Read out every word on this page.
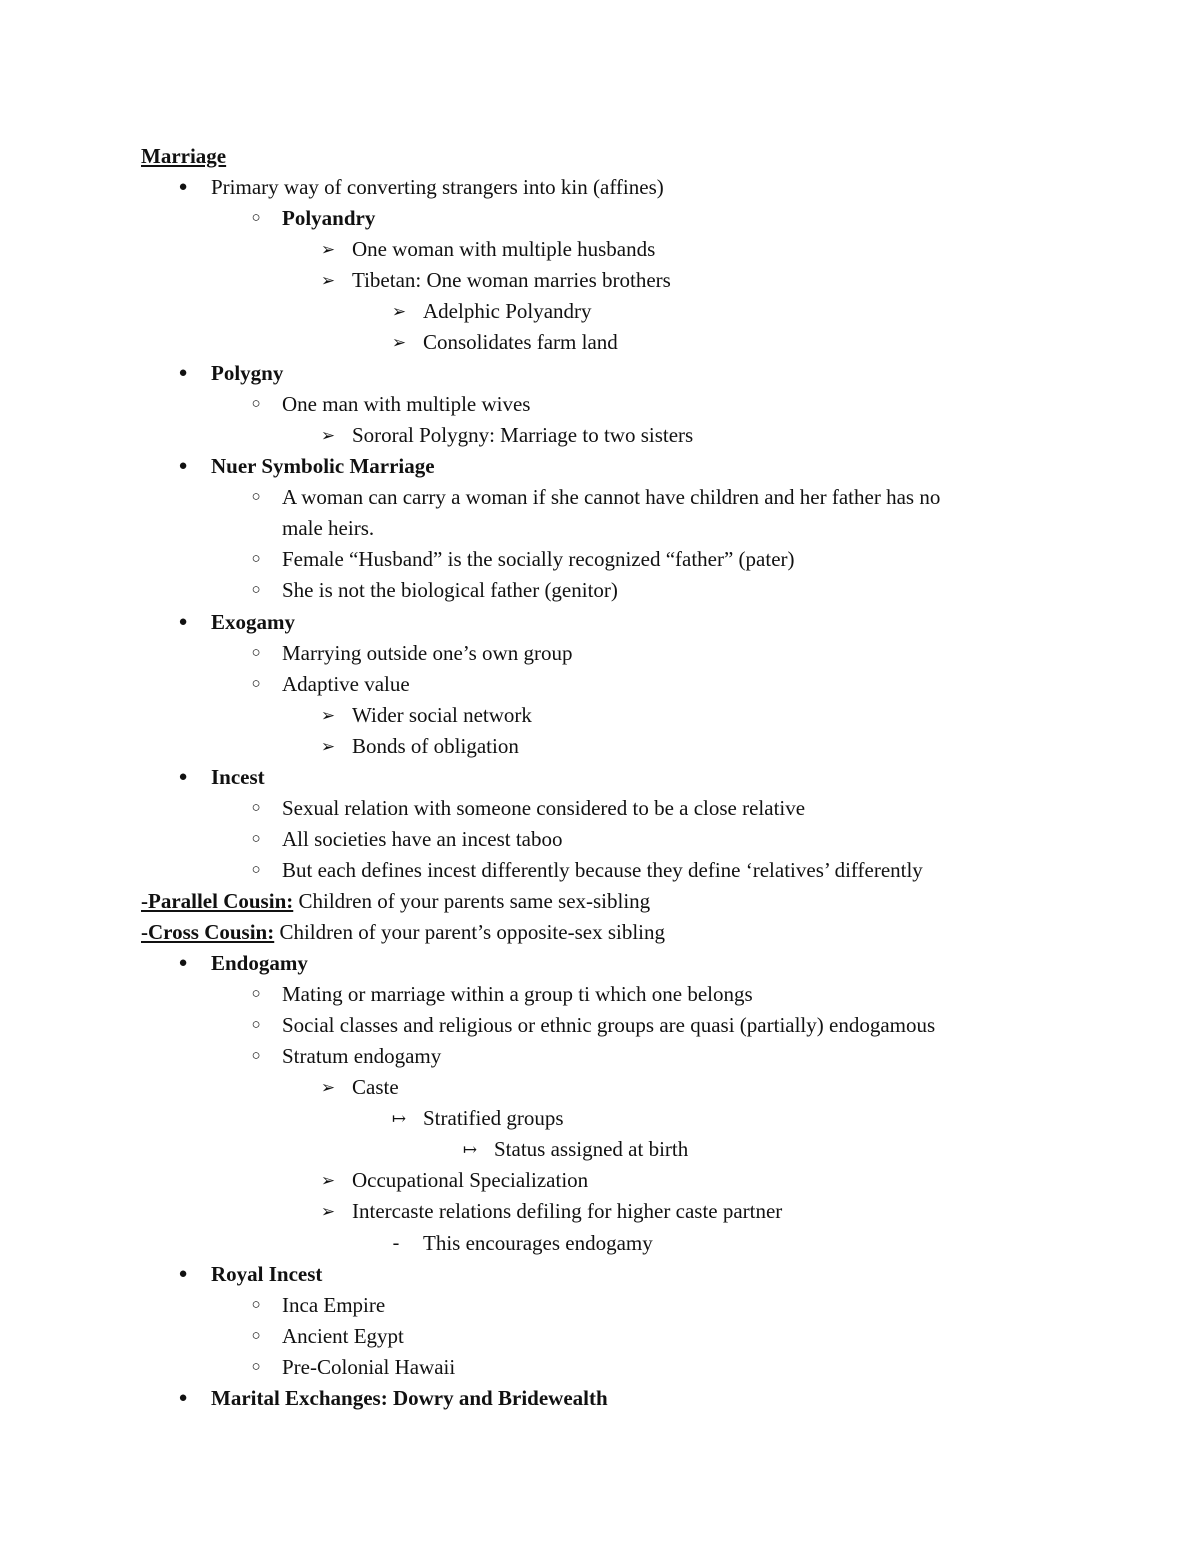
Marriage
●	Primary way of converting strangers into kin (affines)
○	Polyandry
➢ One woman with multiple husbands
➢ Tibetan: One woman marries brothers
➢ Adelphic Polyandry
➢ Consolidates farm land
●	Polygny
○	One man with multiple wives
➢ Sororal Polygny: Marriage to two sisters
●	Nuer Symbolic Marriage
○	A woman can carry a woman if she cannot have children and her father has no
male heirs.
○	Female “Husband” is the socially recognized “father” (pater)
○	She is not the biological father (genitor)
●	Exogamy
○	Marrying outside one’s own group
○	Adaptive value
➢ Wider social network
➢ Bonds of obligation
●	Incest
○	Sexual relation with someone considered to be a close relative
○	All societies have an incest taboo
○	But each defines incest differently because they define ‘relatives’ differently
-Parallel Cousin: Children of your parents same sex-sibling
-Cross Cousin: Children of your parent’s opposite-sex sibling
●	Endogamy
○	Mating or marriage within a group ti which one belongs
○	Social classes and religious or ethnic groups are quasi (partially) endogamous
○	Stratum endogamy
➢ Caste
↦ Stratified groups
↦ Status assigned at birth
➢ Occupational Specialization
➢ Intercaste relations defiling for higher caste partner
-	This encourages endogamy
●	Royal Incest
○	Inca Empire
○	Ancient Egypt
○	Pre-Colonial Hawaii
●	Marital Exchanges: Dowry and Bridewealth
